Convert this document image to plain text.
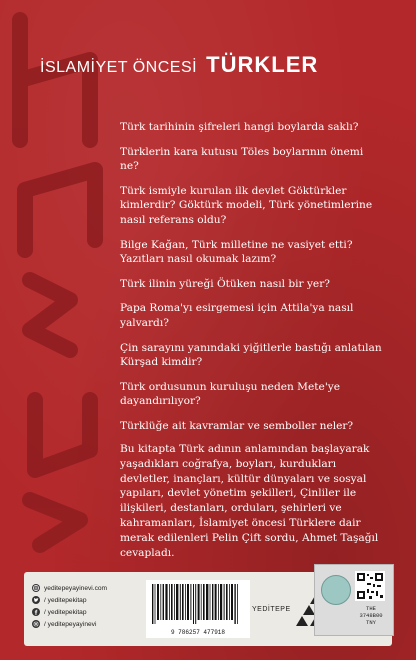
İSLAMİYET ÖNCESİ TÜRKLER
Türk tarihinin şifreleri hangi boylarda saklı?
Türklerin kara kutusu Töles boylarının önemi ne?
Türk ismiyle kurulan ilk devlet Göktürkler kimlerdir? Göktürk modeli, Türk yönetimlerine nasıl referans oldu?
Bilge Kağan, Türk milletine ne vasiyet etti? Yazıtları nasıl okumak lazım?
Türk ilinin yüreği Ötüken nasıl bir yer?
Papa Roma'yı esirgemesi için Attila'ya nasıl yalvardı?
Çin sarayını yanındaki yiğitlerle bastığı anlatılan Kürşad kimdir?
Türk ordusunun kuruluşu neden Mete'ye dayandırılıyor?
Türklüğe ait kavramlar ve semboller neler?

Bu kitapta Türk adının anlamından başlayarak yaşadıkları coğrafya, boyları, kurdukları devletler, inançları, kültür dünyaları ve sosyal yapıları, devlet yönetim şekilleri, Çinliler ile ilişkileri, destanları, orduları, şehirleri ve kahramanları, İslamiyet öncesi Türklere dair merak edilenleri Pelin Çift sordu, Ahmet Taşağıl cevapladı.

yeditepeyayinevi.com
/ yeditepekitap
/ yeditepekitap
/ yeditepeyayinevi
9 786257 477918
YEDİTEPE	THE 3748B00 TNY
